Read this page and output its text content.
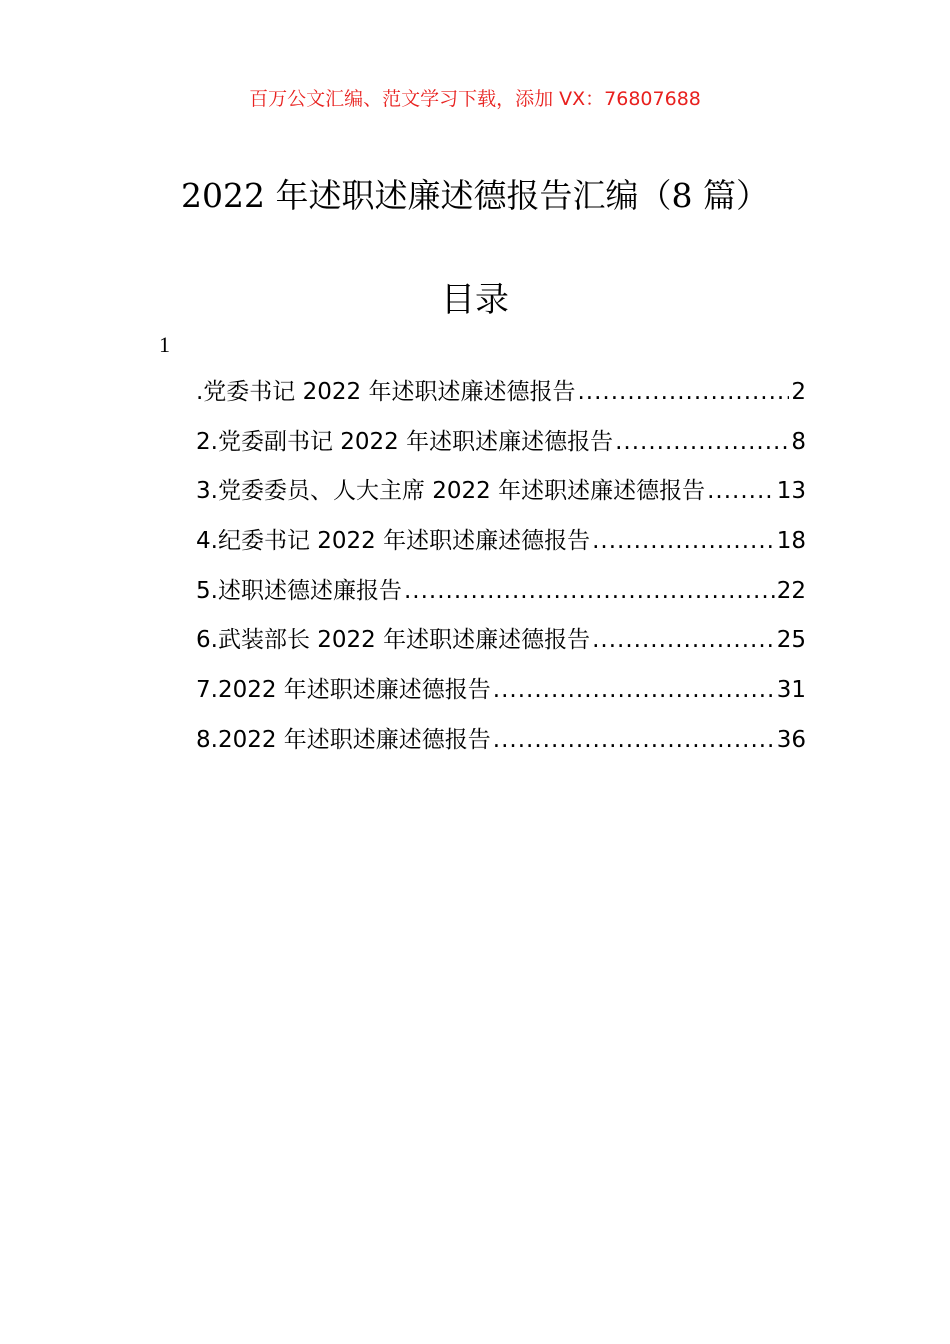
百万公文汇编、范文学习下载，添加 VX：76807688
2022 年述职述廉述德报告汇编（8 篇）
目录
1
.党委书记 2022 年述职述廉述德报告 .....	2
2.党委副书记 2022 年述职述廉述德报告 .....	8
3.党委委员、人大主席 2022 年述职述廉述德报告 .....	13
4.纪委书记 2022 年述职述廉述德报告 .....	18
5.述职述德述廉报告 .....	22
6.武装部长 2022 年述职述廉述德报告 .....	25
7.2022 年述职述廉述德报告 .....	31
8.2022 年述职述廉述德报告 .....	36
